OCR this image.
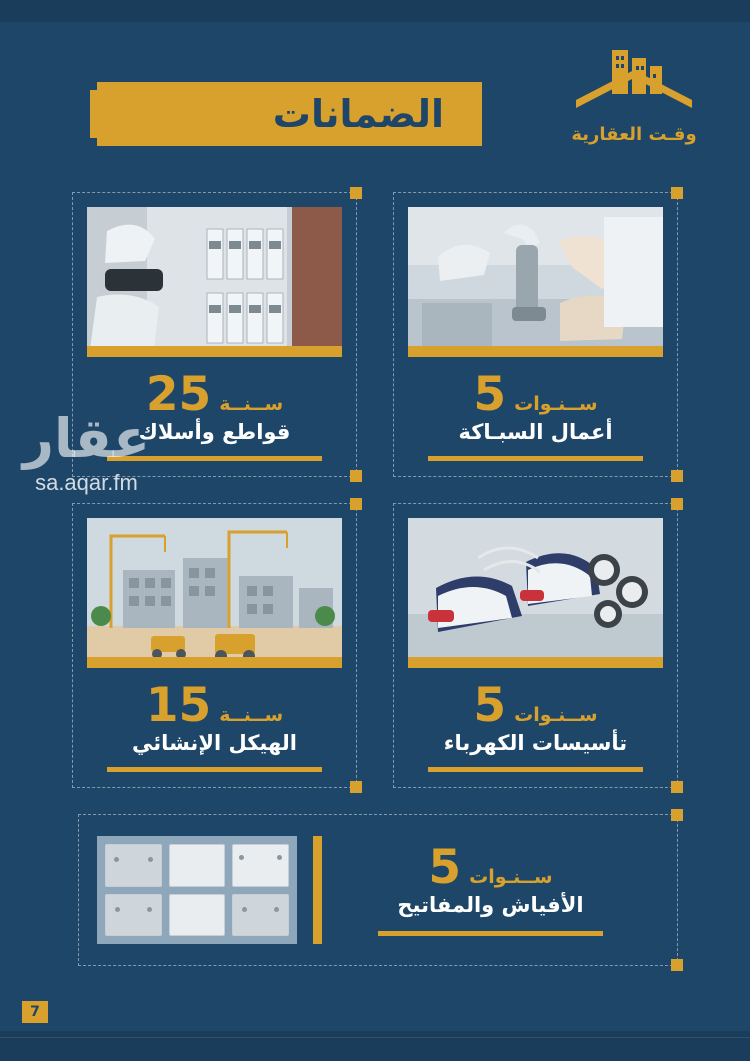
وقـت العقارية
الضمانات
ســنـوات
5
أعمال السبـاكة
ســنــة
25
قواطع وأسلاك
ســنـوات
5
تأسيسات الكهرباء
ســنــة
15
الهيكل الإنشائي
ســنـوات
5
الأفياش والمفاتيح
عقار
sa.aqar.fm
7
